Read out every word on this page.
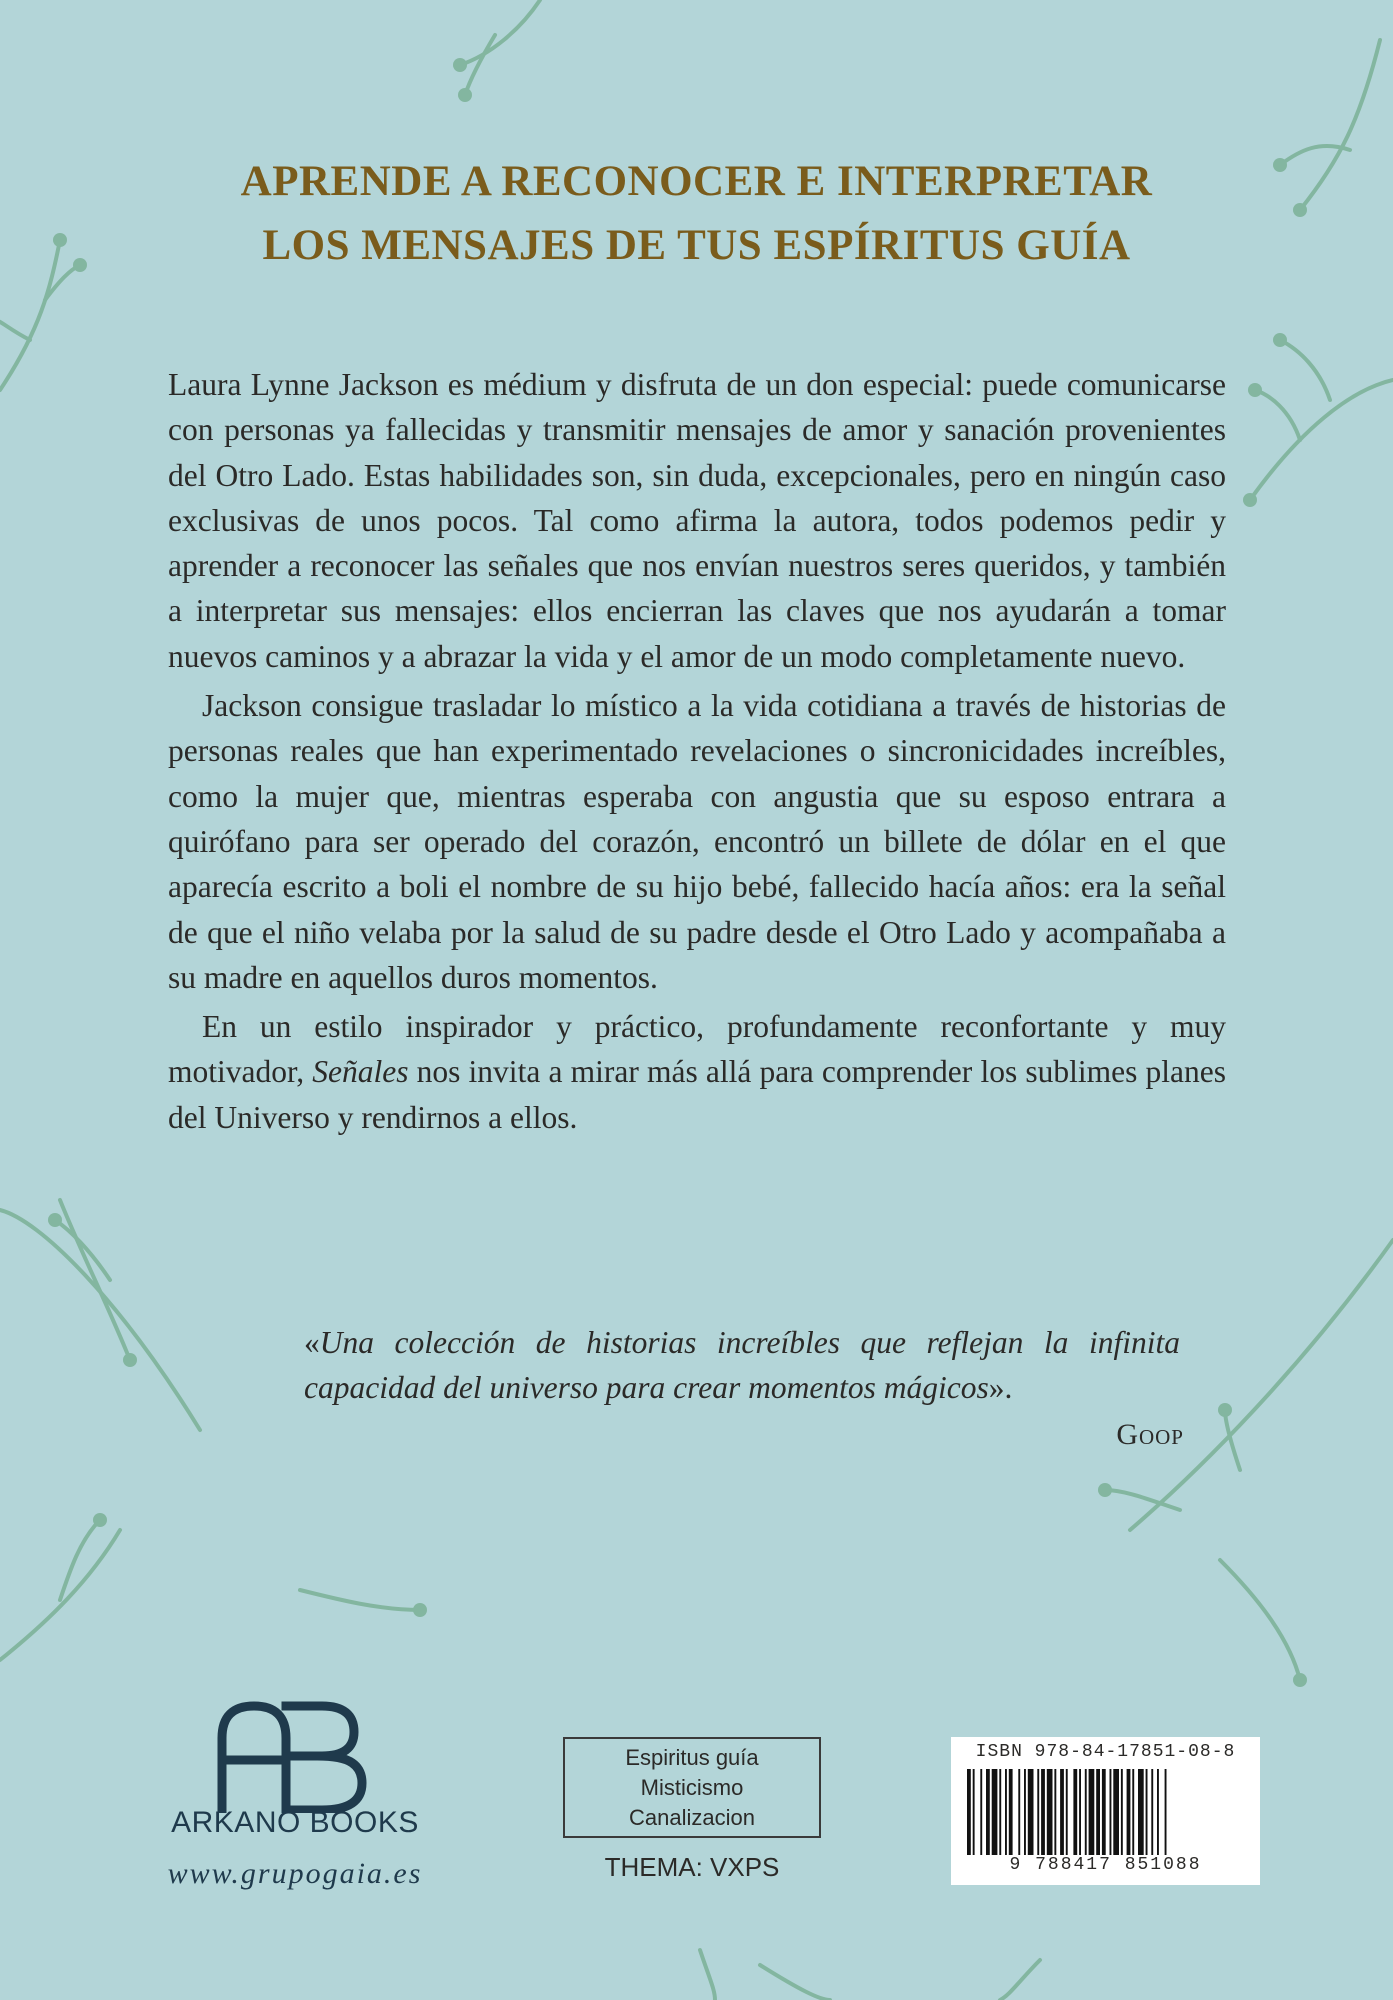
APRENDE A RECONOCER E INTERPRETAR
LOS MENSAJES DE TUS ESPÍRITUS GUÍA

Laura Lynne Jackson es médium y disfruta de un don especial: puede comunicarse con personas ya fallecidas y transmitir mensajes de amor y sanación provenientes del Otro Lado. Estas habilidades son, sin duda, excepcionales, pero en ningún caso exclusivas de unos pocos. Tal como afirma la autora, todos podemos pedir y aprender a reconocer las señales que nos envían nuestros seres queridos, y también a interpretar sus mensajes: ellos encierran las claves que nos ayudarán a tomar nuevos caminos y a abrazar la vida y el amor de un modo completamente nuevo.

Jackson consigue trasladar lo místico a la vida cotidiana a través de historias de personas reales que han experimentado revelaciones o sincronicidades increíbles, como la mujer que, mientras esperaba con angustia que su esposo entrara a quirófano para ser operado del corazón, encontró un billete de dólar en el que aparecía escrito a boli el nombre de su hijo bebé, fallecido hacía años: era la señal de que el niño velaba por la salud de su padre desde el Otro Lado y acompañaba a su madre en aquellos duros momentos.

En un estilo inspirador y práctico, profundamente reconfortante y muy motivador, Señales nos invita a mirar más allá para comprender los sublimes planes del Universo y rendirnos a ellos.

«Una colección de historias increíbles que reflejan la infinita capacidad del universo para crear momentos mágicos».
Goop
ARKANO BOOKS
www.grupogaia.es
Espiritus guía
Misticismo
Canalizacion
THEMA: VXPS
ISBN 978-84-17851-08-8
9 788417 851088
